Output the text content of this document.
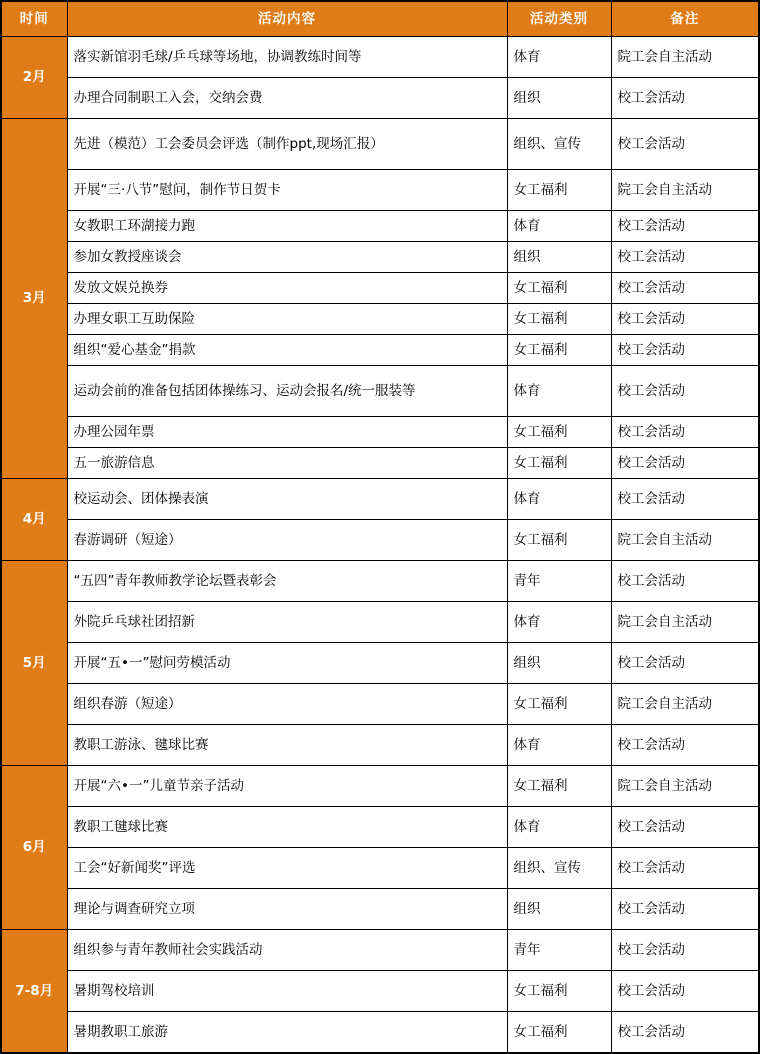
时间	活动内容	活动类别	备注
2月	落实新馆羽毛球/乒乓球等场地，协调教练时间等	体育	院工会自主活动
	办理合同制职工入会，交纳会费	组织	校工会活动
3月	先进（模范）工会委员会评选（制作ppt,现场汇报）	组织、宣传	校工会活动
	开展“三·八节”慰问，制作节日贺卡	女工福利	院工会自主活动
	女教职工环湖接力跑	体育	校工会活动
	参加女教授座谈会	组织	校工会活动
	发放文娱兑换券	女工福利	校工会活动
	办理女职工互助保险	女工福利	校工会活动
	组织“爱心基金”捐款	女工福利	校工会活动
	运动会前的准备包括团体操练习、运动会报名/统一服装等	体育	校工会活动
	办理公园年票	女工福利	校工会活动
	五一旅游信息	女工福利	校工会活动
4月	校运动会、团体操表演	体育	校工会活动
	春游调研（短途）	女工福利	院工会自主活动
5月	“五四”青年教师教学论坛暨表彰会	青年	校工会活动
	外院乒乓球社团招新	体育	院工会自主活动
	开展“五•一”慰问劳模活动	组织	校工会活动
	组织春游（短途）	女工福利	院工会自主活动
	教职工游泳、毽球比赛	体育	校工会活动
6月	开展“六•一”儿童节亲子活动	女工福利	院工会自主活动
	教职工毽球比赛	体育	校工会活动
	工会“好新闻奖”评选	组织、宣传	校工会活动
	理论与调查研究立项	组织	校工会活动
7-8月	组织参与青年教师社会实践活动	青年	校工会活动
	暑期驾校培训	女工福利	校工会活动
	暑期教职工旅游	女工福利	校工会活动
